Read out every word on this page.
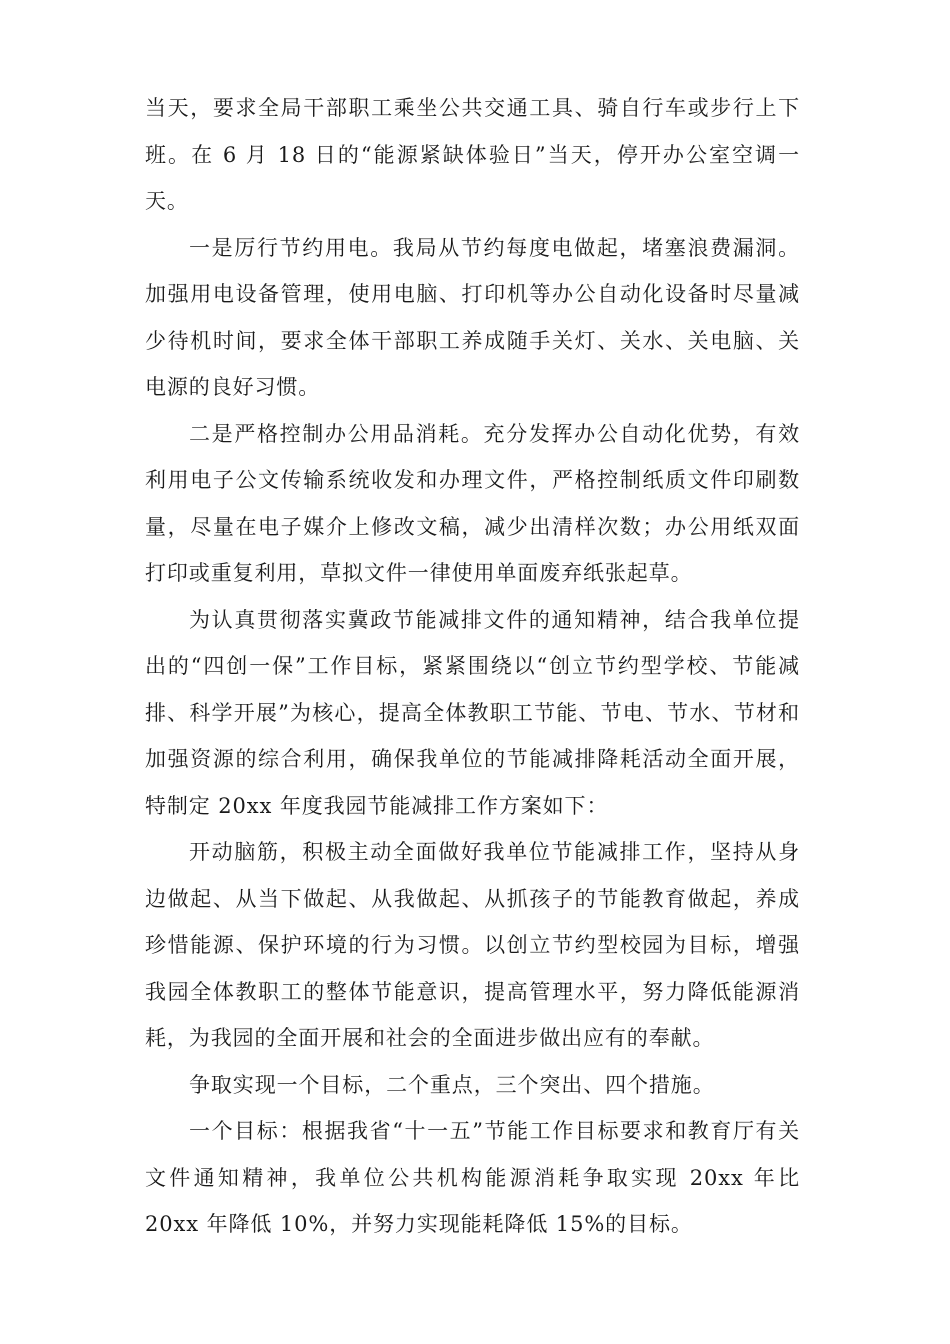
当天，要求全局干部职工乘坐公共交通工具、骑自行车或步行上下班。在 6 月 18 日的“能源紧缺体验日”当天，停开办公室空调一天。

一是厉行节约用电。我局从节约每度电做起，堵塞浪费漏洞。加强用电设备管理，使用电脑、打印机等办公自动化设备时尽量减少待机时间，要求全体干部职工养成随手关灯、关水、关电脑、关电源的良好习惯。

二是严格控制办公用品消耗。充分发挥办公自动化优势，有效利用电子公文传输系统收发和办理文件，严格控制纸质文件印刷数量，尽量在电子媒介上修改文稿，减少出清样次数；办公用纸双面打印或重复利用，草拟文件一律使用单面废弃纸张起草。

为认真贯彻落实冀政节能减排文件的通知精神，结合我单位提出的“四创一保”工作目标，紧紧围绕以“创立节约型学校、节能减排、科学开展”为核心，提高全体教职工节能、节电、节水、节材和加强资源的综合利用，确保我单位的节能减排降耗活动全面开展，特制定 20xx 年度我园节能减排工作方案如下：

开动脑筋，积极主动全面做好我单位节能减排工作，坚持从身边做起、从当下做起、从我做起、从抓孩子的节能教育做起，养成珍惜能源、保护环境的行为习惯。以创立节约型校园为目标，增强我园全体教职工的整体节能意识，提高管理水平，努力降低能源消耗，为我园的全面开展和社会的全面进步做出应有的奉献。

争取实现一个目标，二个重点，三个突出、四个措施。

一个目标：根据我省“十一五”节能工作目标要求和教育厅有关文件通知精神，我单位公共机构能源消耗争取实现 20xx 年比 20xx 年降低 10%，并努力实现能耗降低 15%的目标。
